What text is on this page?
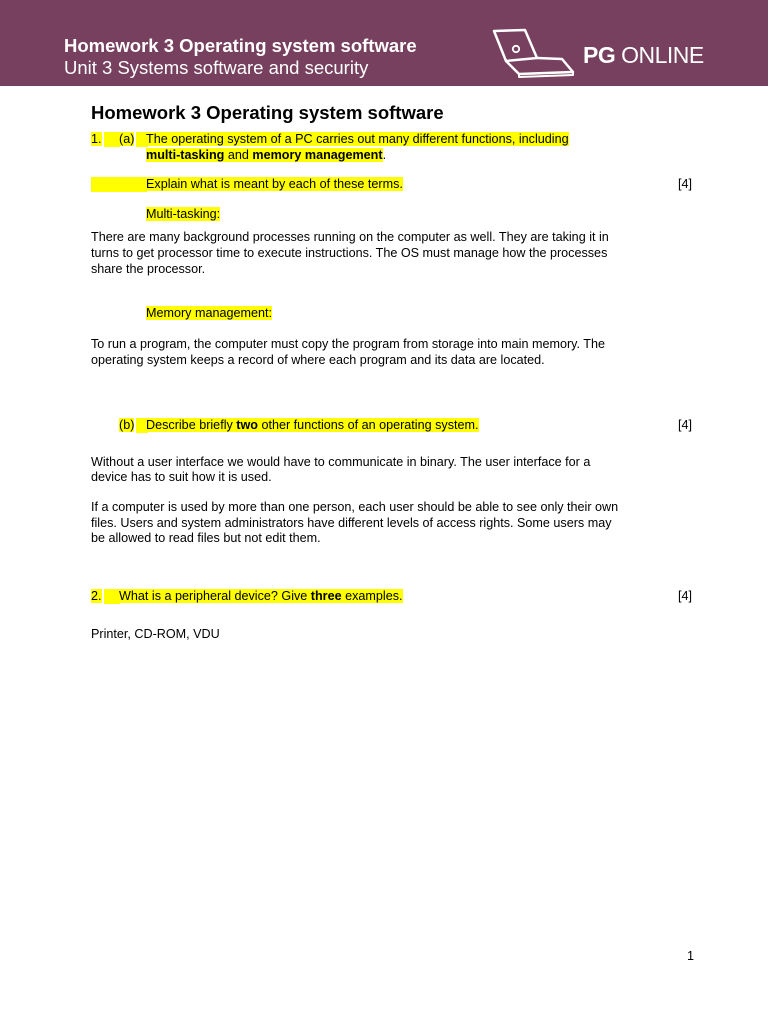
Homework 3 Operating system software
Unit 3 Systems software and security	PG ONLINE
Homework 3 Operating system software
1. (a) The operating system of a PC carries out many different functions, including
multi-tasking and memory management.
Explain what is meant by each of these terms.	[4]
Multi-tasking:
There are many background processes running on the computer as well. They are taking it in
turns to get processor time to execute instructions. The OS must manage how the processes
share the processor.
Memory management:
To run a program, the computer must copy the program from storage into main memory. The
operating system keeps a record of where each program and its data are located.
(b) Describe briefly two other functions of an operating system.	[4]
Without a user interface we would have to communicate in binary. The user interface for a
device has to suit how it is used.
If a computer is used by more than one person, each user should be able to see only their own
files. Users and system administrators have different levels of access rights. Some users may
be allowed to read files but not edit them.
2. What is a peripheral device? Give three examples.	[4]
Printer, CD-ROM, VDU
1
